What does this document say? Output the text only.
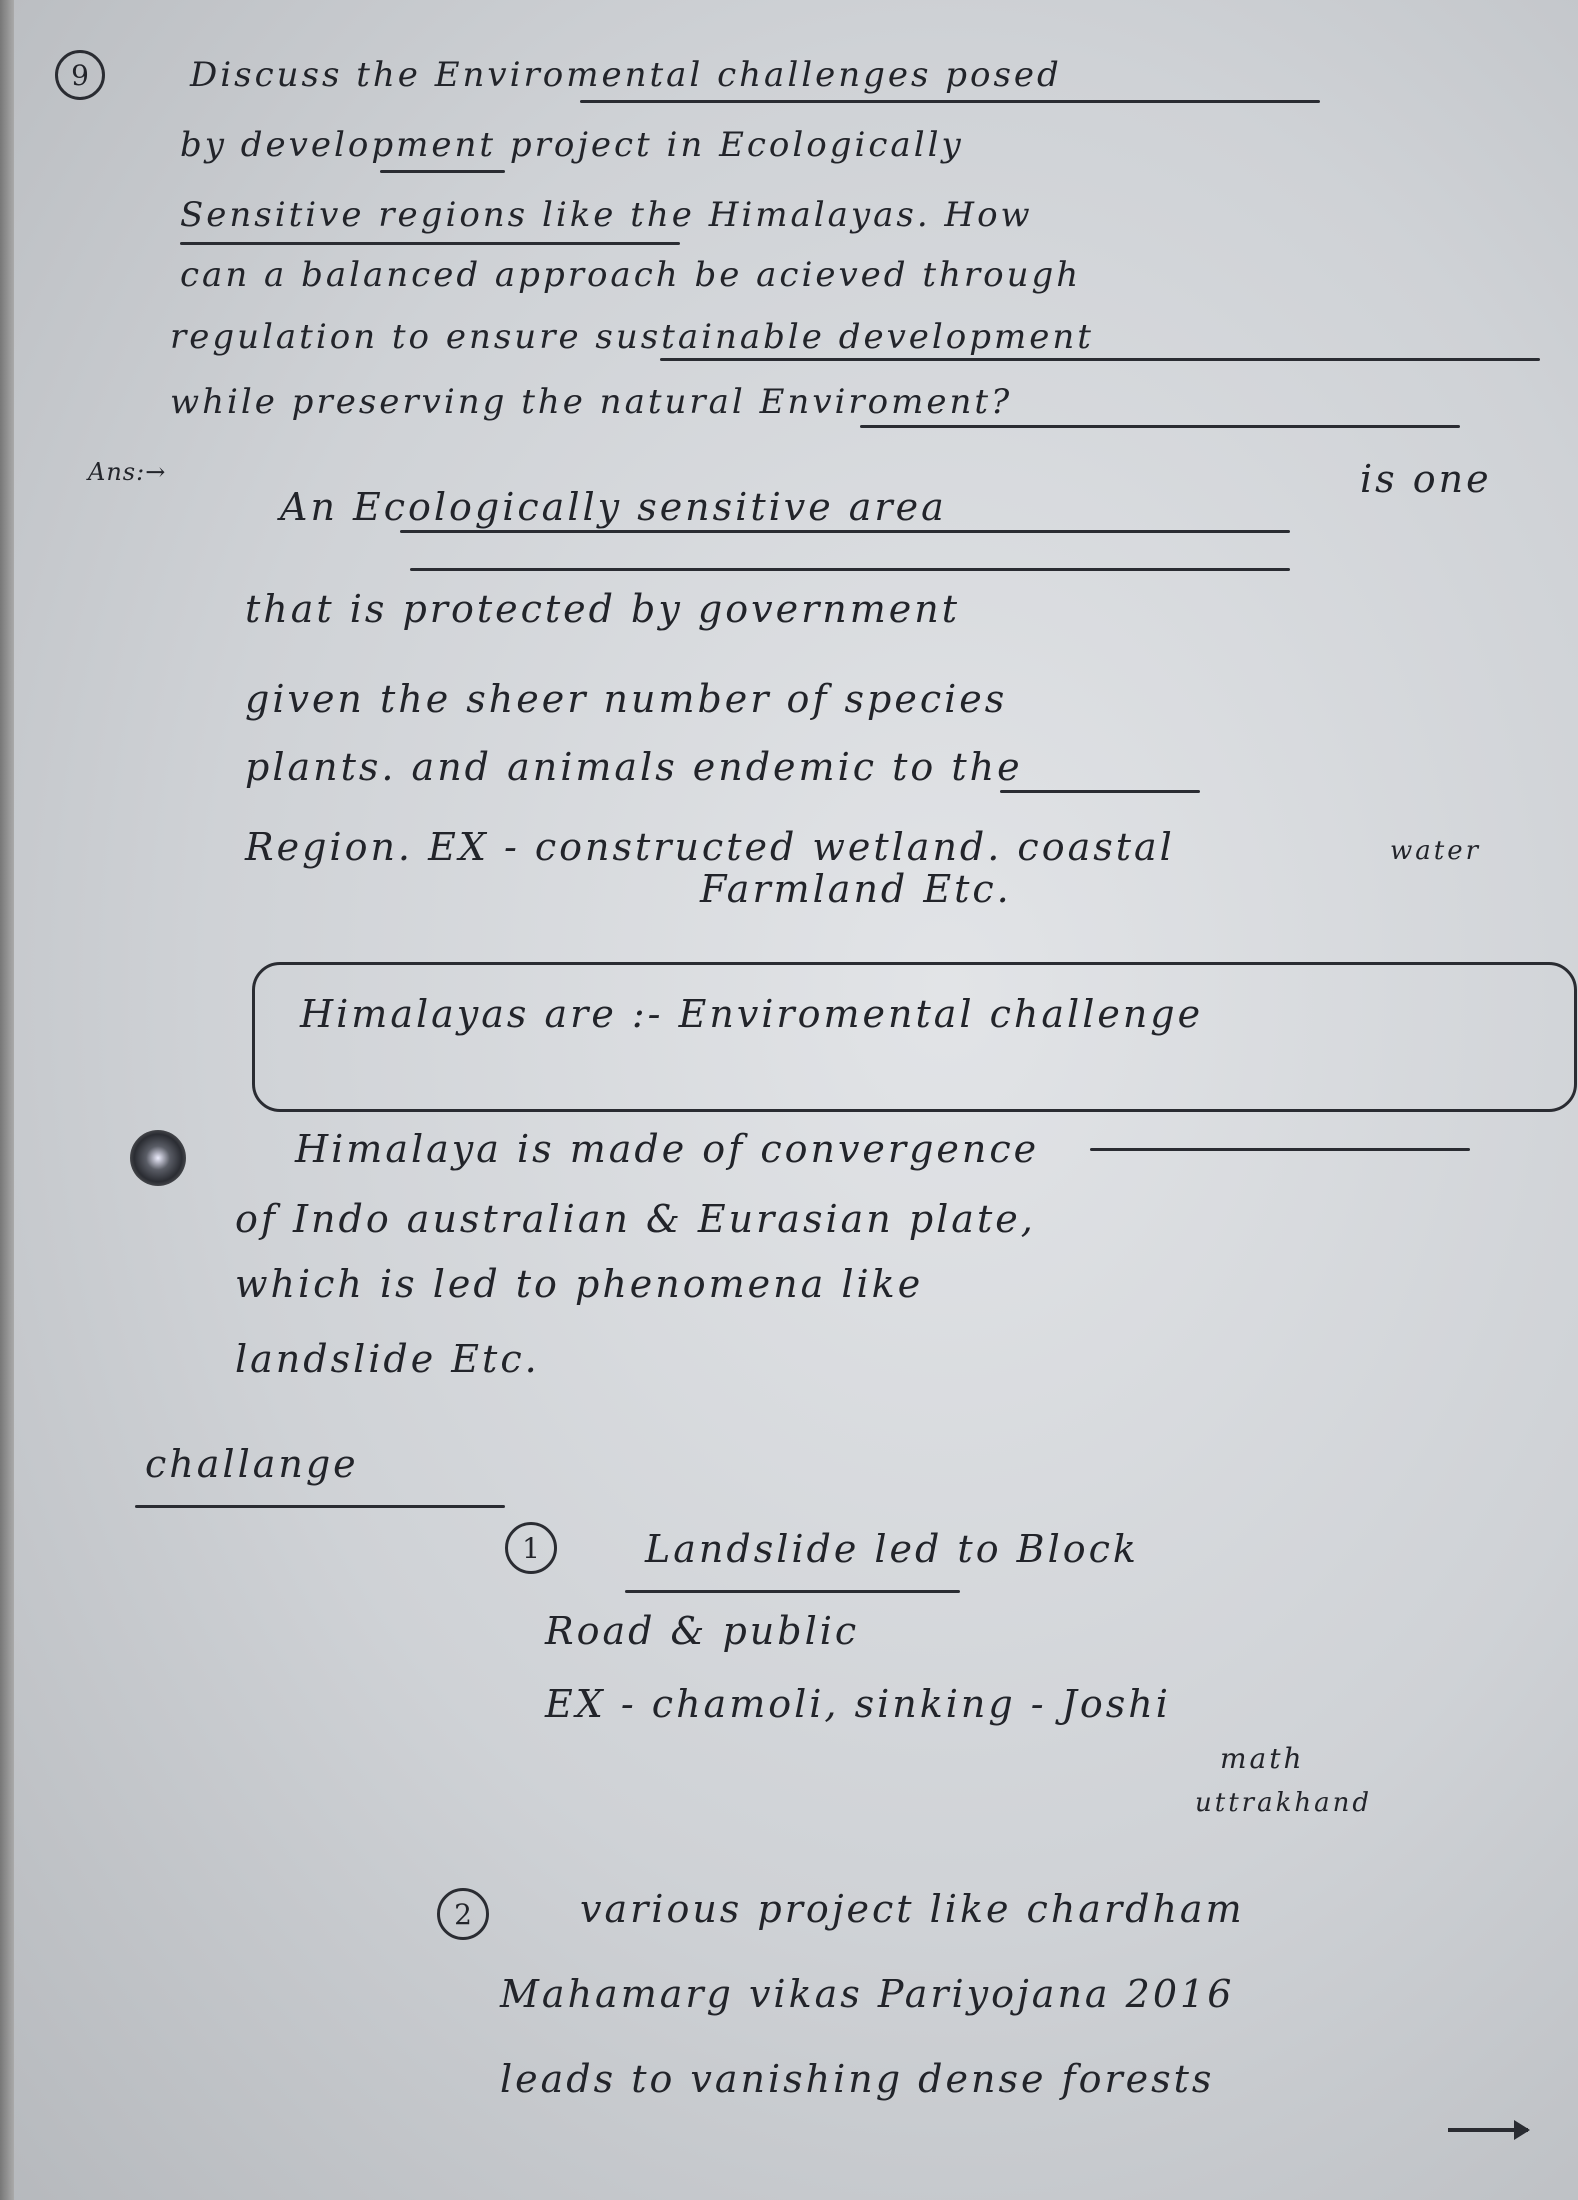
9	Discuss the Enviromental challenges posed
by development project in Ecologically
Sensitive regions like the Himalayas. How
can a balanced approach be acieved through
regulation to ensure sustainable development
while preserving the natural Enviroment?
Ans:→
An Ecologically sensitive area
is one
that is protected by government
given the sheer number of species
plants. and animals endemic to the
Region. EX - constructed wetland. coastal	water
Farmland Etc.
Himalayas are :- Enviromental challenge
Himalaya is made of convergence
of Indo australian & Eurasian plate,
which is led to phenomena like
landslide Etc.
challange
1	Landslide led to Block
Road & public
EX - chamoli, sinking - Joshi
math
uttrakhand
2	various project like chardham
Mahamarg vikas Pariyojana 2016
leads to vanishing dense forests
